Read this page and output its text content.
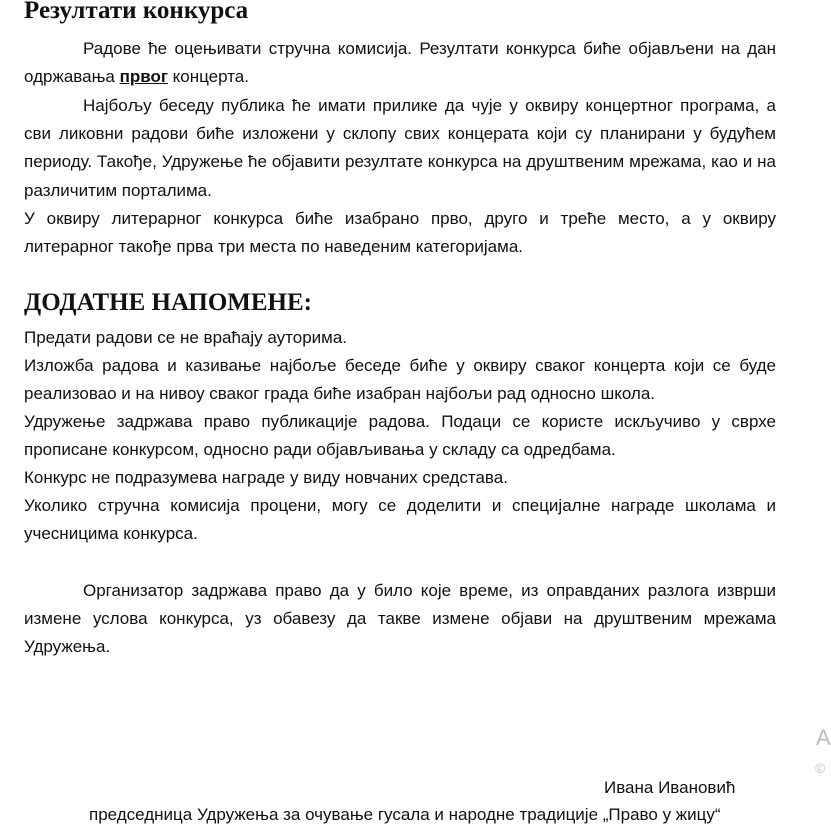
Резултати конкурса
Радове ће оцењивати стручна комисија. Резултати конкурса биће објављени на дан одржавања првог концерта.
Најбољу беседу публика ће имати прилике да чује у оквиру концертног програма, а сви ликовни радови биће изложени у склопу свих концерата који су планирани у будућем периоду. Такође, Удружење ће објавити резултате конкурса на друштвеним мрежама, као и на различитим порталима.
У оквиру литерарног конкурса биће изабрано прво, друго и треће место, а у оквиру литерарног такође прва три места по наведеним категоријама.
ДОДАТНЕ НАПОМЕНЕ:
Предати радови се не враћају ауторима.
Изложба радова и казивање најбоље беседе биће у оквиру сваког концерта који се буде реализовао и на нивоу сваког града биће изабран најбољи рад односно школа.
Удружење задржава право публикације радова. Подаци се користе искључиво у сврхе прописане конкурсом, односно ради објављивања у складу са одредбама.
Конкурс не подразумева награде у виду новчаних средстава.
Уколико стручна комисија процени, могу се доделити и специјалне награде школама и учесницима конкурса.
Организатор задржава право да у било које време, из оправданих разлога изврши измене услова конкурса, уз обавезу да такве измене објави на друштвеним мрежама Удружења.
Ивана Ивановић
председница Удружења за очување гусала и народне традиције „Право у жицу“
A
©
